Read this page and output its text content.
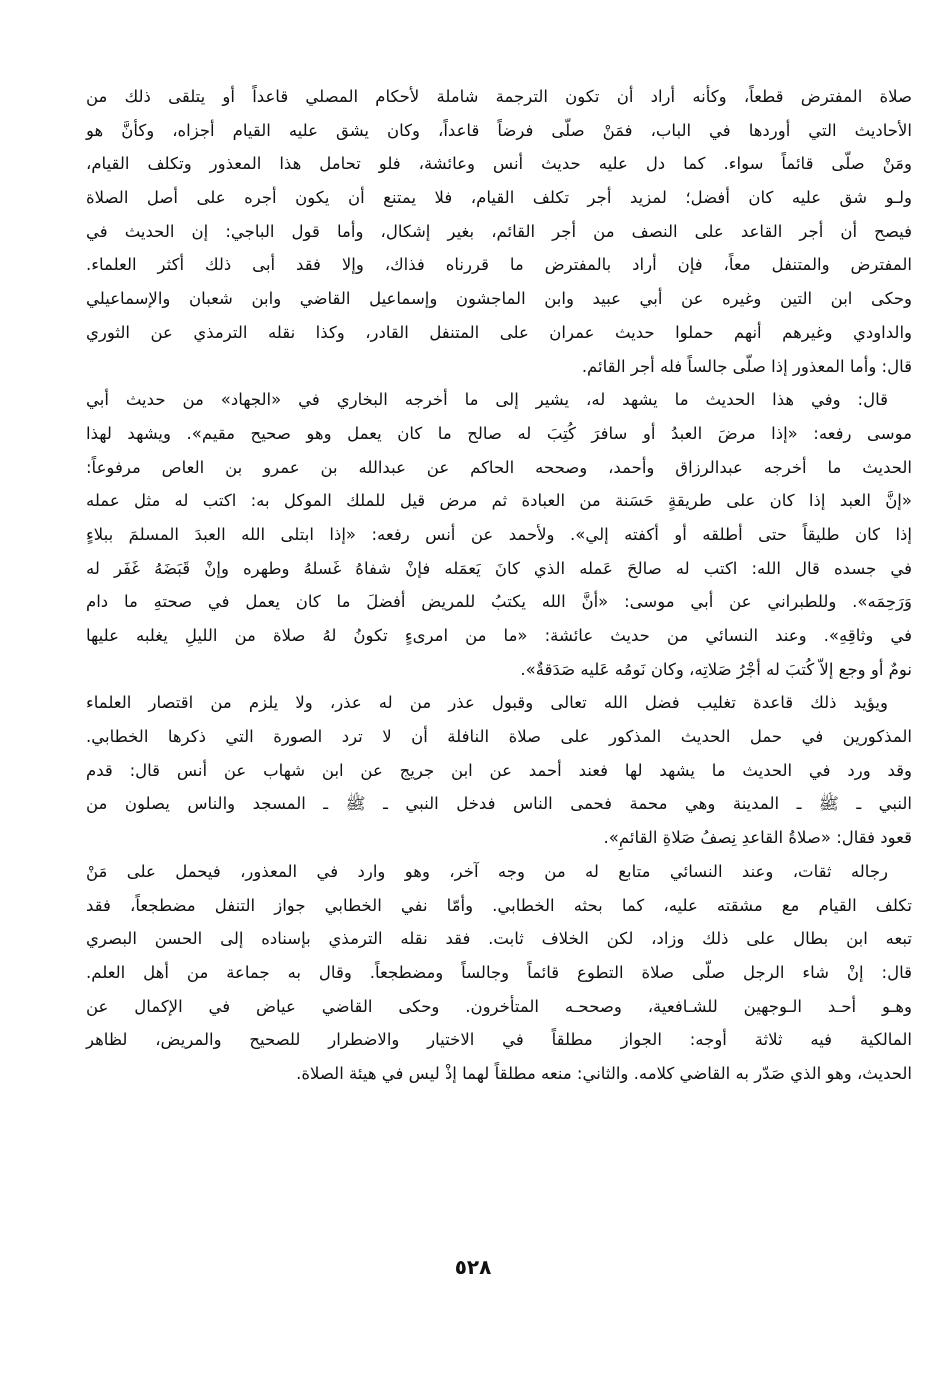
صلاة المفترض قطعاً، وكأنه أراد أن تكون الترجمة شاملة لأحكام المصلي قاعداً أو يتلقى ذلك من
الأحاديث التي أوردها في الباب، فمَنْ صلّى فرضاً قاعداً، وكان يشق عليه القيام أجزاه، وكأنَّ هو
ومَنْ صلّى قائماً سواء. كما دل عليه حديث أنس وعائشة، فلو تحامل هذا المعذور وتكلف القيام،
ولـو شق عليه كان أفضل؛ لمزيد أجر تكلف القيام، فلا يمتنع أن يكون أجره على أصل الصلاة
فيصح أن أجر القاعد على النصف من أجر القائم، بغير إشكال، وأما قول الباجي: إن الحديث في
المفترض والمتنفل معاً، فإن أراد بالمفترض ما قررناه فذاك، وإلا فقد أبى ذلك أكثر العلماء.
وحكى ابن التين وغيره عن أبي عبيد وابن الماجشون وإسماعيل القاضي وابن شعبان والإسماعيلي
والداودي وغيرهم أنهم حملوا حديث عمران على المتنفل القادر، وكذا نقله الترمذي عن الثوري
قال: وأما المعذور إذا صلّى جالساً فله أجر القائم.
قال: وفي هذا الحديث ما يشهد له، يشير إلى ما أخرجه البخاري في «الجهاد» من حديث أبي
موسى رفعه: «إذا مرضَ العبدُ أو سافرَ كُتِبَ له صالح ما كان يعمل وهو صحيح مقيم». ويشهد لهذا
الحديث ما أخرجه عبدالرزاق وأحمد، وصححه الحاكم عن عبدالله بن عمرو بن العاص مرفوعاً:
«إنَّ العبد إذا كان على طريقةٍ حَسَنة من العبادة ثم مرض قيل للملك الموكل به: اكتب له مثل عمله
إذا كان طليقاً حتى أطلقه أو أكفته إلي». ولأحمد عن أنس رفعه: «إذا ابتلى الله العبدَ المسلمَ ببلاءٍ
في جسده قال الله: اكتب له صالحَ عَمله الذي كانَ يَعمَله فإنْ شفاهُ غَسلهُ وطهره وإنْ قَبَضَهُ غَفَر له
وَرَحِمَه». وللطبراني عن أبي موسى: «أنَّ الله يكتبُ للمريض أفضلَ ما كان يعمل في صحتهِ ما دام
في وثاقِهِ». وعند النسائي من حديث عائشة: «ما من امرىءٍ تكونُ لهُ صلاة من الليلِ يغلبه عليها
نومٌ أو وجع إلاّ كُتبَ له أجْرُ صَلاتِه، وكان نَومُه عَليه صَدَقةٌ».
ويؤيد ذلك قاعدة تغليب فضل الله تعالى وقبول عذر من له عذر، ولا يلزم من اقتصار العلماء
المذكورين في حمل الحديث المذكور على صلاة النافلة أن لا ترد الصورة التي ذكرها الخطابي.
وقد ورد في الحديث ما يشهد لها فعند أحمد عن ابن جريج عن ابن شهاب عن أنس قال: قدم
النبي ـ ﷺ ـ المدينة وهي محمة فحمى الناس فدخل النبي ـ ﷺ ـ المسجد والناس يصلون من
قعود فقال: «صلاةُ القاعدِ نِصفُ صَلاةِ القائمِ».
رجاله ثقات، وعند النسائي متابع له من وجه آخر، وهو وارد في المعذور، فيحمل على مَنْ
تكلف القيام مع مشقته عليه، كما بحثه الخطابي. وأمّا نفي الخطابي جواز التنفل مضطجعاً، فقد
تبعه ابن بطال على ذلك وزاد، لكن الخلاف ثابت. فقد نقله الترمذي بإسناده إلى الحسن البصري
قال: إنْ شاء الرجل صلّى صلاة التطوع قائماً وجالساً ومضطجعاً. وقال به جماعة من أهل العلم.
وهـو أحـد الـوجهين للشـافعية، وصححـه المتأخرون. وحكى القاضي عياض في الإكمال عن
المالكية فيه ثلاثة أوجه: الجواز مطلقاً في الاختيار والاضطرار للصحيح والمريض، لظاهر
الحديث، وهو الذي صَدّر به القاضي كلامه. والثاني: منعه مطلقاً لهما إذْ ليس في هيئة الصلاة.
٥٢٨
